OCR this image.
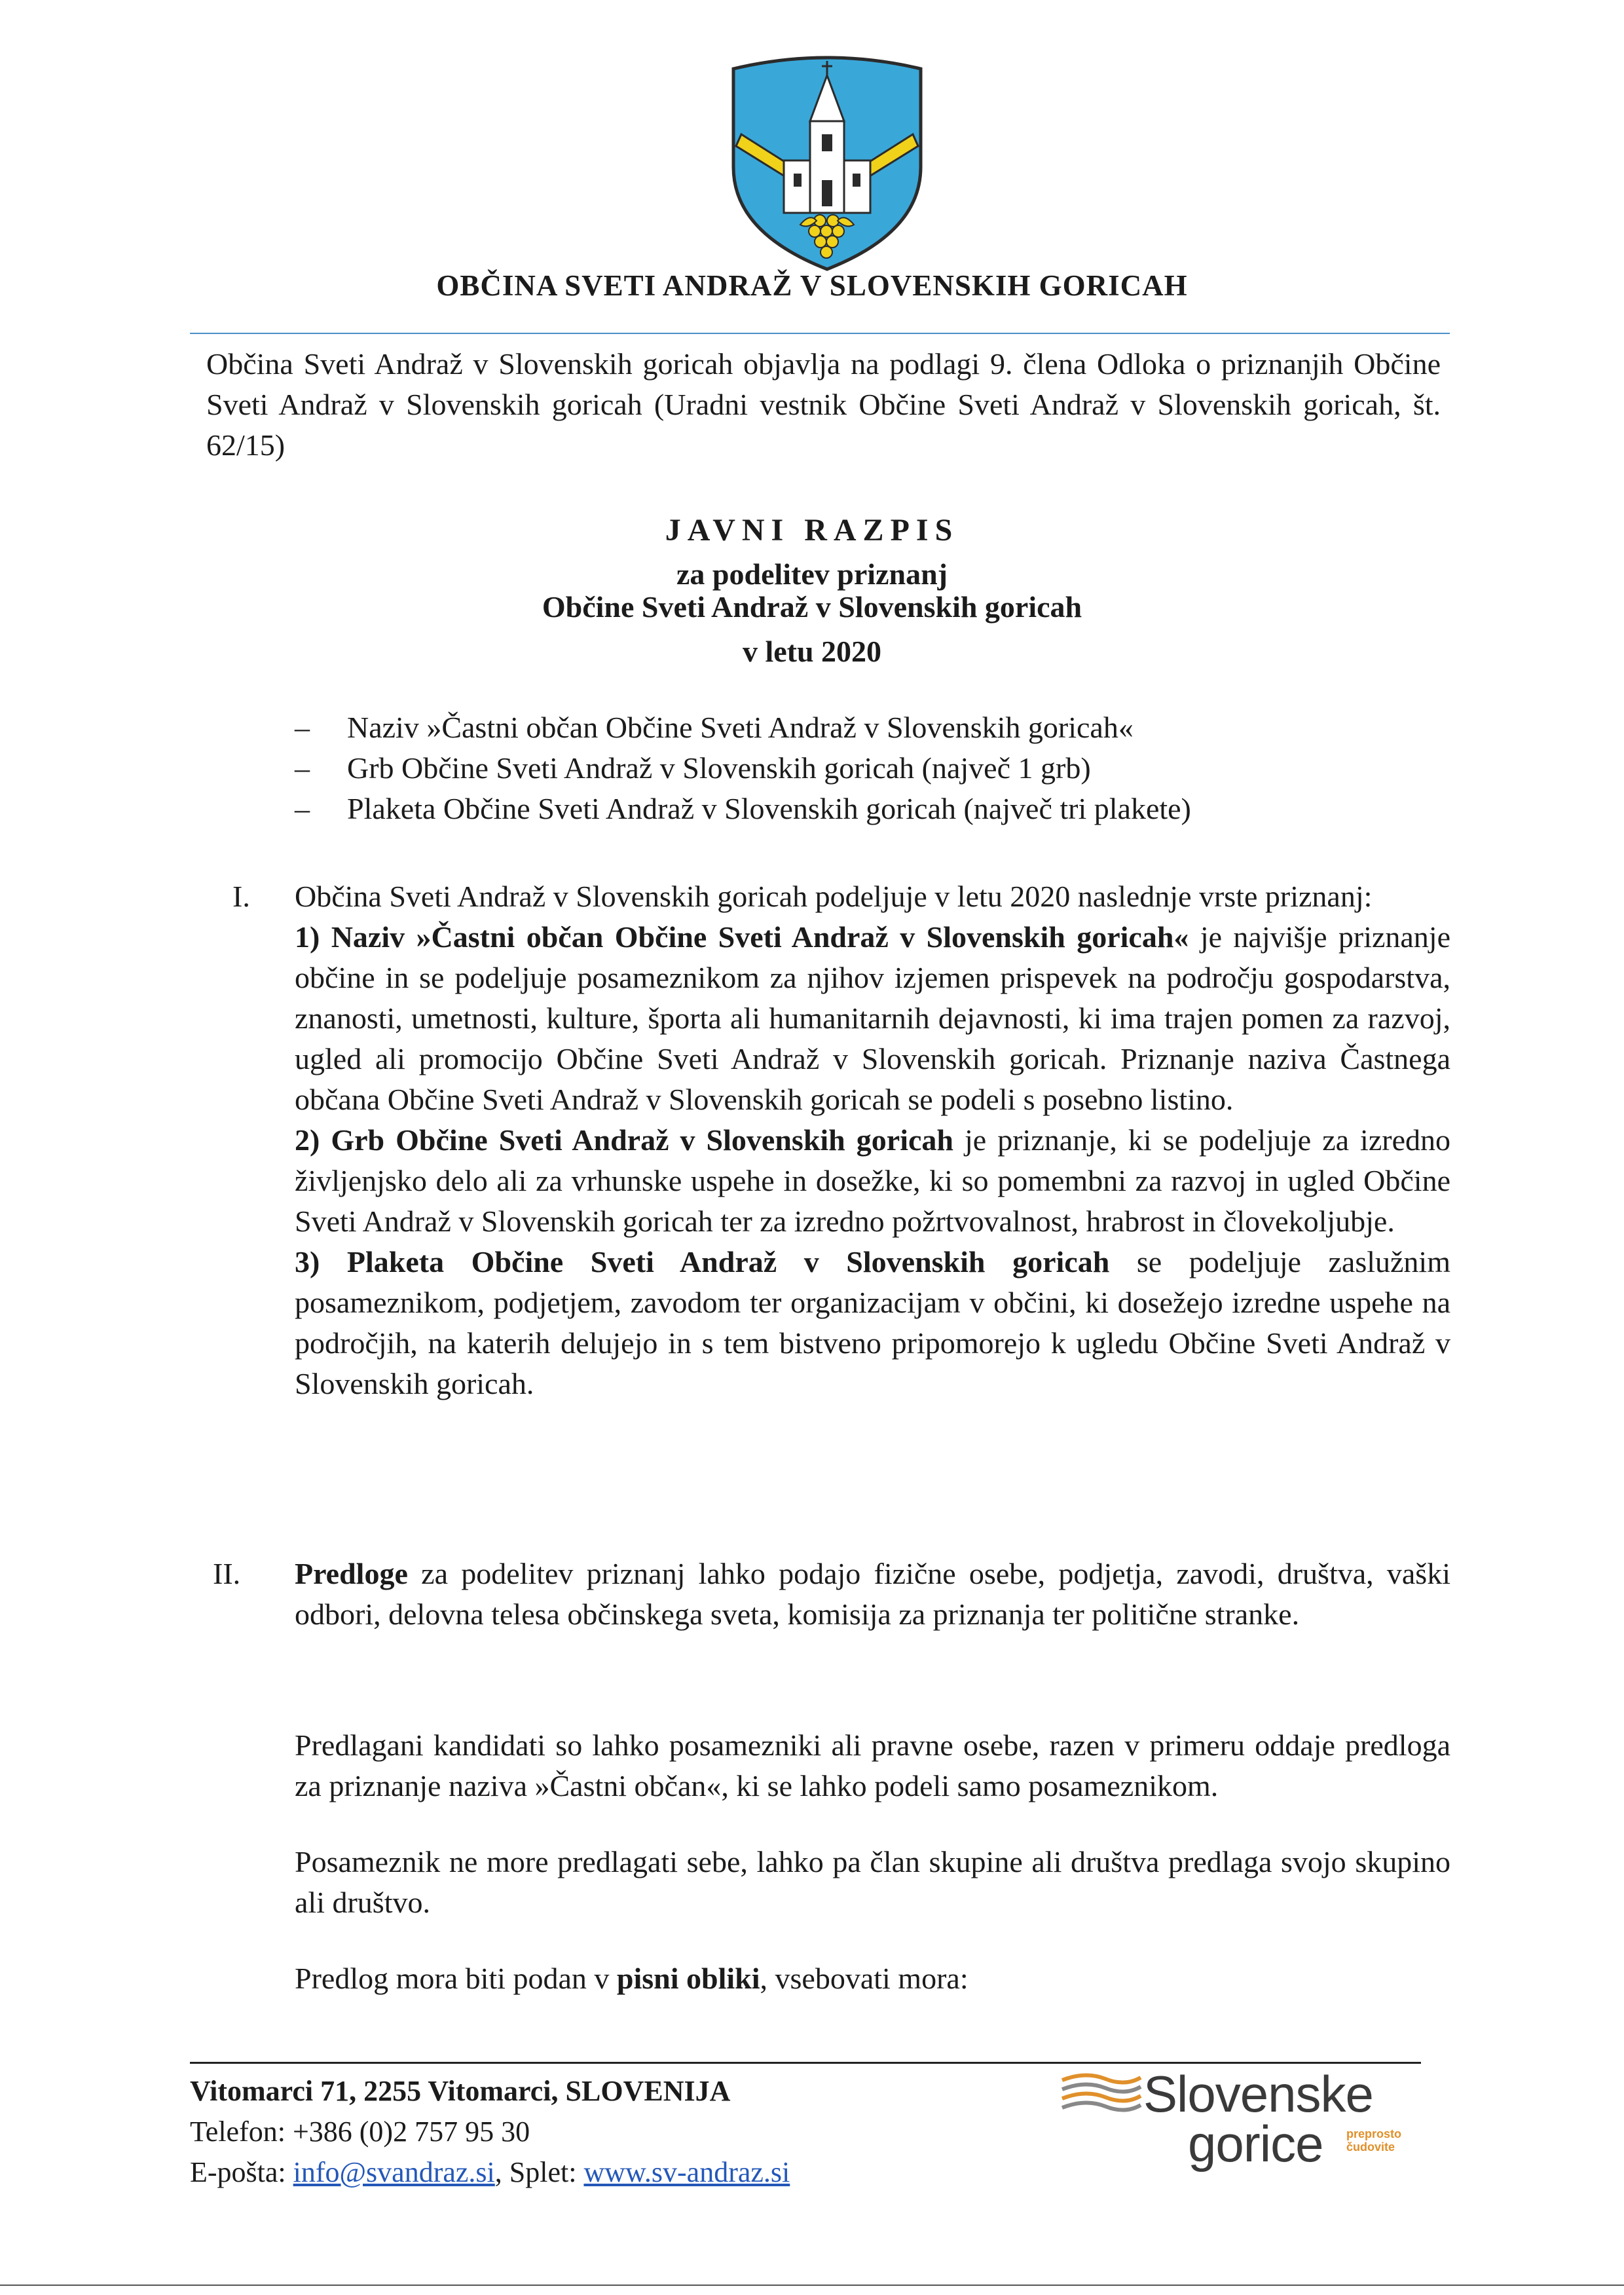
OBČINA SVETI ANDRAŽ V SLOVENSKIH GORICAH
Občina Sveti Andraž v Slovenskih goricah objavlja na podlagi 9. člena Odloka o priznanjih Občine Sveti Andraž v Slovenskih goricah (Uradni vestnik Občine Sveti Andraž v Slovenskih goricah, št. 62/15)
JAVNI RAZPIS
za podelitev priznanj
Občine Sveti Andraž v Slovenskih goricah
v letu 2020
– Naziv »Častni občan Občine Sveti Andraž v Slovenskih goricah«
– Grb Občine Sveti Andraž v Slovenskih goricah (največ 1 grb)
– Plaketa Občine Sveti Andraž v Slovenskih goricah (največ tri plakete)
I. Občina Sveti Andraž v Slovenskih goricah podeljuje v letu 2020 naslednje vrste priznanj:

1) Naziv »Častni občan Občine Sveti Andraž v Slovenskih goricah« je najvišje priznanje občine in se podeljuje posameznikom za njihov izjemen prispevek na področju gospodarstva, znanosti, umetnosti, kulture, športa ali humanitarnih dejavnosti, ki ima trajen pomen za razvoj, ugled ali promocijo Občine Sveti Andraž v Slovenskih goricah. Priznanje naziva Častnega občana Občine Sveti Andraž v Slovenskih goricah se podeli s posebno listino.

2) Grb Občine Sveti Andraž v Slovenskih goricah je priznanje, ki se podeljuje za izredno življenjsko delo ali za vrhunske uspehe in dosežke, ki so pomembni za razvoj in ugled Občine Sveti Andraž v Slovenskih goricah ter za izredno požrtvovalnost, hrabrost in človekoljubje.

3) Plaketa Občine Sveti Andraž v Slovenskih goricah se podeljuje zaslužnim posameznikom, podjetjem, zavodom ter organizacijam v občini, ki dosežejo izredne uspehe na področjih, na katerih delujejo in s tem bistveno pripomorejo k ugledu Občine Sveti Andraž v Slovenskih goricah.

II. Predloge za podelitev priznanj lahko podajo fizične osebe, podjetja, zavodi, društva, vaški odbori, delovna telesa občinskega sveta, komisija za priznanja ter politične stranke.
Predlagani kandidati so lahko posamezniki ali pravne osebe, razen v primeru oddaje predloga za priznanje naziva »Častni občan«, ki se lahko podeli samo posameznikom.
Posameznik ne more predlagati sebe, lahko pa član skupine ali društva predlaga svojo skupino ali društvo.
Predlog mora biti podan v pisni obliki, vsebovati mora:
Vitomarci 71, 2255 Vitomarci, SLOVENIJA
Telefon: +386 (0)2 757 95 30
E-pošta: info@svandraz.si, Splet: www.sv-andraz.si
Slovenske
gorice preprosto
čudovite
